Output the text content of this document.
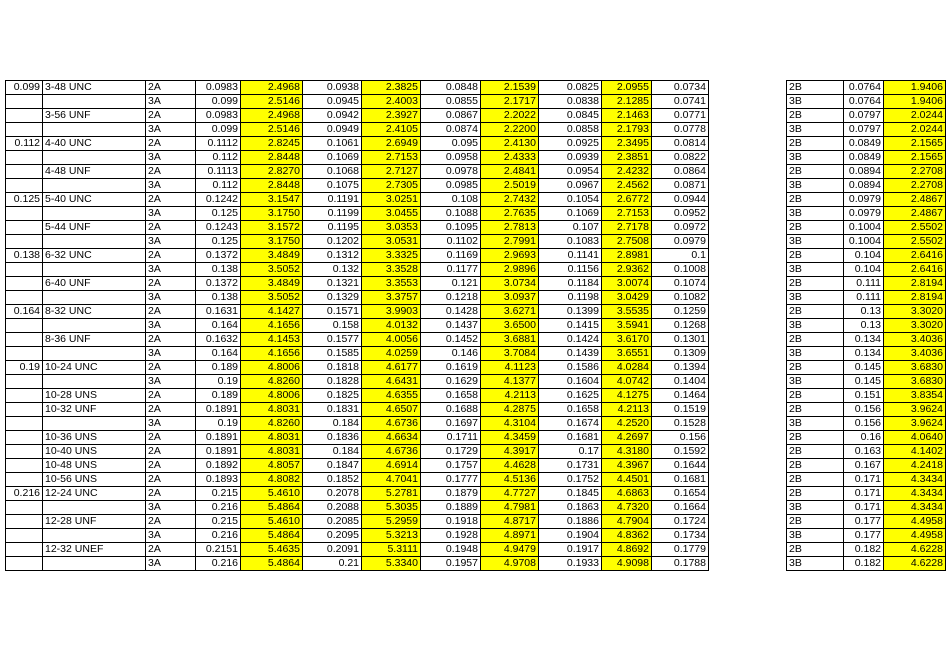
0.099	3-48 UNC	2A	0.0983	2.4968	0.0938	2.3825	0.0848	2.1539	0.0825	2.0955	0.0734		2B	0.0764	1.9406
		3A	0.099	2.5146	0.0945	2.4003	0.0855	2.1717	0.0838	2.1285	0.0741		3B	0.0764	1.9406
	3-56 UNF	2A	0.0983	2.4968	0.0942	2.3927	0.0867	2.2022	0.0845	2.1463	0.0771		2B	0.0797	2.0244
		3A	0.099	2.5146	0.0949	2.4105	0.0874	2.2200	0.0858	2.1793	0.0778		3B	0.0797	2.0244
0.112	4-40 UNC	2A	0.1112	2.8245	0.1061	2.6949	0.095	2.4130	0.0925	2.3495	0.0814		2B	0.0849	2.1565
		3A	0.112	2.8448	0.1069	2.7153	0.0958	2.4333	0.0939	2.3851	0.0822		3B	0.0849	2.1565
	4-48 UNF	2A	0.1113	2.8270	0.1068	2.7127	0.0978	2.4841	0.0954	2.4232	0.0864		2B	0.0894	2.2708
		3A	0.112	2.8448	0.1075	2.7305	0.0985	2.5019	0.0967	2.4562	0.0871		3B	0.0894	2.2708
0.125	5-40 UNC	2A	0.1242	3.1547	0.1191	3.0251	0.108	2.7432	0.1054	2.6772	0.0944		2B	0.0979	2.4867
		3A	0.125	3.1750	0.1199	3.0455	0.1088	2.7635	0.1069	2.7153	0.0952		3B	0.0979	2.4867
	5-44 UNF	2A	0.1243	3.1572	0.1195	3.0353	0.1095	2.7813	0.107	2.7178	0.0972		2B	0.1004	2.5502
		3A	0.125	3.1750	0.1202	3.0531	0.1102	2.7991	0.1083	2.7508	0.0979		3B	0.1004	2.5502
0.138	6-32 UNC	2A	0.1372	3.4849	0.1312	3.3325	0.1169	2.9693	0.1141	2.8981	0.1		2B	0.104	2.6416
		3A	0.138	3.5052	0.132	3.3528	0.1177	2.9896	0.1156	2.9362	0.1008		3B	0.104	2.6416
	6-40 UNF	2A	0.1372	3.4849	0.1321	3.3553	0.121	3.0734	0.1184	3.0074	0.1074		2B	0.111	2.8194
		3A	0.138	3.5052	0.1329	3.3757	0.1218	3.0937	0.1198	3.0429	0.1082		3B	0.111	2.8194
0.164	8-32 UNC	2A	0.1631	4.1427	0.1571	3.9903	0.1428	3.6271	0.1399	3.5535	0.1259		2B	0.13	3.3020
		3A	0.164	4.1656	0.158	4.0132	0.1437	3.6500	0.1415	3.5941	0.1268		3B	0.13	3.3020
	8-36 UNF	2A	0.1632	4.1453	0.1577	4.0056	0.1452	3.6881	0.1424	3.6170	0.1301		2B	0.134	3.4036
		3A	0.164	4.1656	0.1585	4.0259	0.146	3.7084	0.1439	3.6551	0.1309		3B	0.134	3.4036
0.19	10-24 UNC	2A	0.189	4.8006	0.1818	4.6177	0.1619	4.1123	0.1586	4.0284	0.1394		2B	0.145	3.6830
		3A	0.19	4.8260	0.1828	4.6431	0.1629	4.1377	0.1604	4.0742	0.1404		3B	0.145	3.6830
	10-28 UNS	2A	0.189	4.8006	0.1825	4.6355	0.1658	4.2113	0.1625	4.1275	0.1464		2B	0.151	3.8354
	10-32 UNF	2A	0.1891	4.8031	0.1831	4.6507	0.1688	4.2875	0.1658	4.2113	0.1519		2B	0.156	3.9624
		3A	0.19	4.8260	0.184	4.6736	0.1697	4.3104	0.1674	4.2520	0.1528		3B	0.156	3.9624
	10-36 UNS	2A	0.1891	4.8031	0.1836	4.6634	0.1711	4.3459	0.1681	4.2697	0.156		2B	0.16	4.0640
	10-40 UNS	2A	0.1891	4.8031	0.184	4.6736	0.1729	4.3917	0.17	4.3180	0.1592		2B	0.163	4.1402
	10-48 UNS	2A	0.1892	4.8057	0.1847	4.6914	0.1757	4.4628	0.1731	4.3967	0.1644		2B	0.167	4.2418
	10-56 UNS	2A	0.1893	4.8082	0.1852	4.7041	0.1777	4.5136	0.1752	4.4501	0.1681		2B	0.171	4.3434
0.216	12-24 UNC	2A	0.215	5.4610	0.2078	5.2781	0.1879	4.7727	0.1845	4.6863	0.1654		2B	0.171	4.3434
		3A	0.216	5.4864	0.2088	5.3035	0.1889	4.7981	0.1863	4.7320	0.1664		3B	0.171	4.3434
	12-28 UNF	2A	0.215	5.4610	0.2085	5.2959	0.1918	4.8717	0.1886	4.7904	0.1724		2B	0.177	4.4958
		3A	0.216	5.4864	0.2095	5.3213	0.1928	4.8971	0.1904	4.8362	0.1734		3B	0.177	4.4958
	12-32 UNEF	2A	0.2151	5.4635	0.2091	5.3111	0.1948	4.9479	0.1917	4.8692	0.1779		2B	0.182	4.6228
		3A	0.216	5.4864	0.21	5.3340	0.1957	4.9708	0.1933	4.9098	0.1788		3B	0.182	4.6228
